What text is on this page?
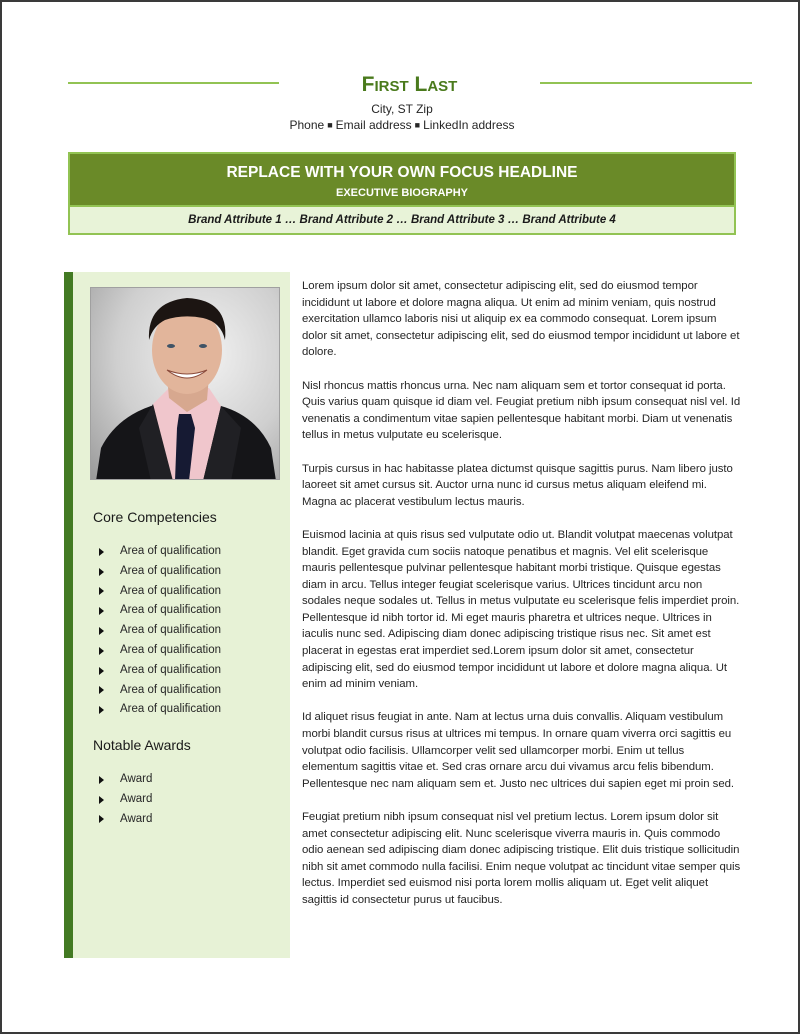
First Last
City, ST Zip
Phone ■ Email address ■ LinkedIn address
REPLACE WITH YOUR OWN FOCUS HEADLINE
EXECUTIVE BIOGRAPHY
Brand Attribute 1 … Brand Attribute 2 … Brand Attribute 3 … Brand Attribute 4
Core Competencies
Area of qualification
Area of qualification
Area of qualification
Area of qualification
Area of qualification
Area of qualification
Area of qualification
Area of qualification
Area of qualification
Notable Awards
Award
Award
Award

Lorem ipsum dolor sit amet, consectetur adipiscing elit, sed do eiusmod tempor incididunt ut labore et dolore magna aliqua. Ut enim ad minim veniam, quis nostrud exercitation ullamco laboris nisi ut aliquip ex ea commodo consequat. Lorem ipsum dolor sit amet, consectetur adipiscing elit, sed do eiusmod tempor incididunt ut labore et dolore.

Nisl rhoncus mattis rhoncus urna. Nec nam aliquam sem et tortor consequat id porta. Quis varius quam quisque id diam vel. Feugiat pretium nibh ipsum consequat nisl vel. Id venenatis a condimentum vitae sapien pellentesque habitant morbi. Diam ut venenatis tellus in metus vulputate eu scelerisque.

Turpis cursus in hac habitasse platea dictumst quisque sagittis purus. Nam libero justo laoreet sit amet cursus sit. Auctor urna nunc id cursus metus aliquam eleifend mi. Magna ac placerat vestibulum lectus mauris.

Euismod lacinia at quis risus sed vulputate odio ut. Blandit volutpat maecenas volutpat blandit. Eget gravida cum sociis natoque penatibus et magnis. Vel elit scelerisque mauris pellentesque pulvinar pellentesque habitant morbi tristique. Quisque egestas diam in arcu. Tellus integer feugiat scelerisque varius. Ultrices tincidunt arcu non sodales neque sodales ut. Tellus in metus vulputate eu scelerisque felis imperdiet proin. Pellentesque id nibh tortor id. Mi eget mauris pharetra et ultrices neque. Ultrices in iaculis nunc sed. Adipiscing diam donec adipiscing tristique risus nec. Sit amet est placerat in egestas erat imperdiet sed.Lorem ipsum dolor sit amet, consectetur adipiscing elit, sed do eiusmod tempor incididunt ut labore et dolore magna aliqua. Ut enim ad minim veniam.

Id aliquet risus feugiat in ante. Nam at lectus urna duis convallis. Aliquam vestibulum morbi blandit cursus risus at ultrices mi tempus. In ornare quam viverra orci sagittis eu volutpat odio facilisis. Ullamcorper velit sed ullamcorper morbi. Enim ut tellus elementum sagittis vitae et. Sed cras ornare arcu dui vivamus arcu felis bibendum. Pellentesque nec nam aliquam sem et. Justo nec ultrices dui sapien eget mi proin sed.

Feugiat pretium nibh ipsum consequat nisl vel pretium lectus. Lorem ipsum dolor sit amet consectetur adipiscing elit. Nunc scelerisque viverra mauris in. Quis commodo odio aenean sed adipiscing diam donec adipiscing tristique. Elit duis tristique sollicitudin nibh sit amet commodo nulla facilisi. Enim neque volutpat ac tincidunt vitae semper quis lectus. Imperdiet sed euismod nisi porta lorem mollis aliquam ut. Eget velit aliquet sagittis id consectetur purus ut faucibus.
